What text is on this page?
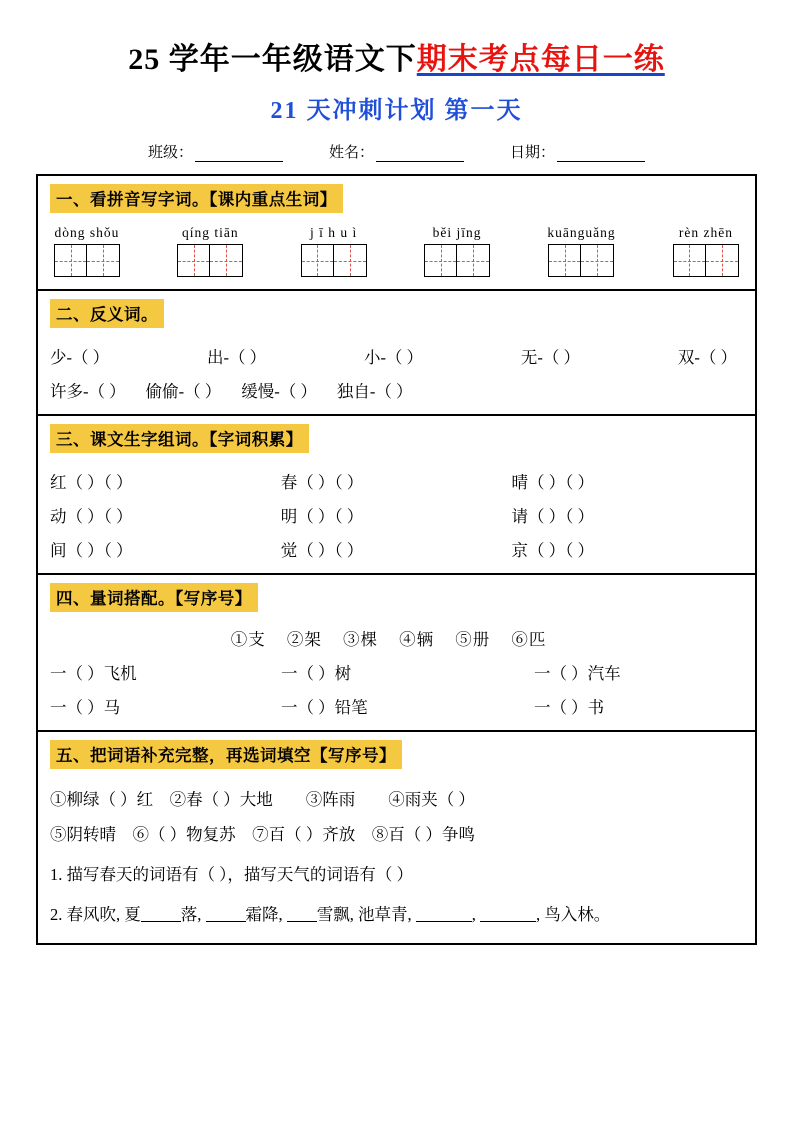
25 学年一年级语文下期末考点每日一练
21 天冲刺计划 第一天
班级：	姓名：	日期：
一、看拼音写字词。【课内重点生词】
dòng shǒu	qíng tiān	j ī h u ì	běi jīng	kuānguǎng	rèn zhēn
二、反义词。
少-（ ）	出-（ ）	小-（ ）	无-（ ）	双-（ ）
许多-（ ） 偷偷-（ ） 缓慢-（ ） 独自-（ ）
三、课文生字组词。【字词积累】
红（ ）（ ）	春（ ）（ ）	晴（ ）（ ）
动（ ）（ ）	明（ ）（ ）	请（ ）（ ）
间（ ）（ ）	觉（ ）（ ）	京（ ）（ ）
四、量词搭配。【写序号】
①支 ②架 ③棵 ④辆 ⑤册 ⑥匹
一（ ）飞机	一（ ）树	一（ ）汽车
一（ ）马	一（ ）铅笔	一（ ）书
五、把词语补充完整，再选词填空【写序号】
①柳绿（ ）红　②春（ ）大地　　③阵雨　　④雨夹（ ）
⑤阴转晴　⑥（ ）物复苏　⑦百（ ）齐放　⑧百（ ）争鸣
1. 描写春天的词语有（ ），描写天气的词语有（ ）
2. 春风吹, 夏 落, 霜降, 雪飘, 池草青,	,	, 鸟入林。
